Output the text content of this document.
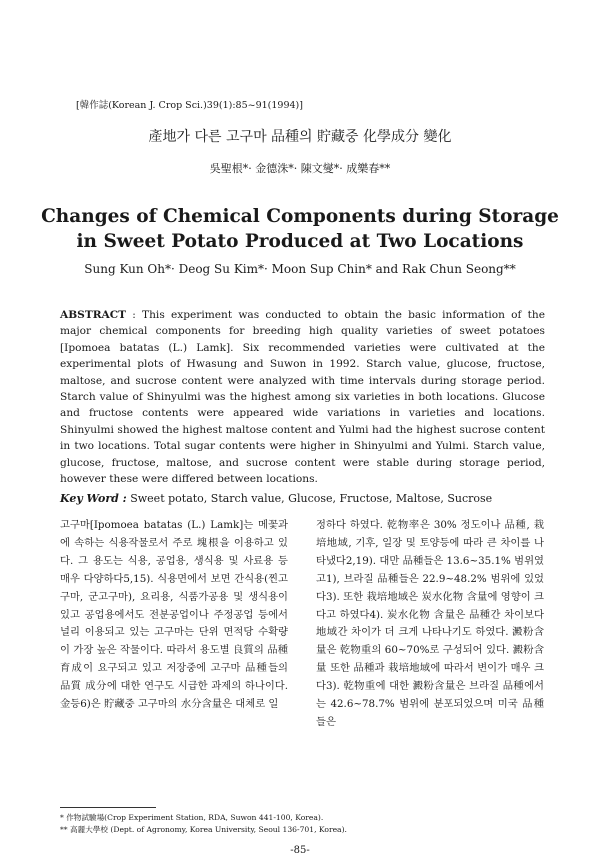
[韓作誌(Korean J. Crop Sci.)39(1):85~91(1994)]
產地가 다른 고구마 品種의 貯藏중 化學成分 變化
吳聖根*· 金德洙*· 陳文燮*· 成樂春**
Changes of Chemical Components during Storage in Sweet Potato Produced at Two Locations
Sung Kun Oh*· Deog Su Kim*· Moon Sup Chin* and Rak Chun Seong**
ABSTRACT : This experiment was conducted to obtain the basic information of the major chemical components for breeding high quality varieties of sweet potatoes [Ipomoea batatas (L.) Lamk]. Six recommended varieties were cultivated at the experimental plots of Hwasung and Suwon in 1992. Starch value, glucose, fructose, maltose, and sucrose content were analyzed with time intervals during storage period. Starch value of Shinyulmi was the highest among six varieties in both locations. Glucose and fructose contents were appeared wide variations in varieties and locations. Shinyulmi showed the highest maltose content and Yulmi had the highest sucrose content in two locations. Total sugar contents were higher in Shinyulmi and Yulmi. Starch value, glucose, fructose, maltose, and sucrose content were stable during storage period, however these were differed between locations.
Key Word : Sweet potato, Starch value, Glucose, Fructose, Maltose, Sucrose

고구마[Ipomoea batatas (L.) Lamk]는 메꽃과에 속하는 식용작물로서 주로 塊根을 이용하고 있다. 그 용도는 식용, 공업용, 생식용 및 사료용 등 매우 다양하다5,15). 식용면에서 보면 간식용(찐고구마, 군고구마), 요리용, 식품가공용 및 생식용이 있고 공업용에서도 전분공업이나 주정공업 등에서 널리 이용되고 있는 고구마는 단위 면적당 수확량이 가장 높은 작물이다. 따라서 용도별 良質의 品種 育成이 요구되고 있고 저장중에 고구마 品種들의 品質 成分에 대한 연구도 시급한 과제의 하나이다. 金등6)은 貯藏중 고구마의 水分含量은 대체로 일

정하다 하였다. 乾物率은 30% 정도이나 品種, 栽培地域, 기후, 일장 및 토양등에 따라 큰 차이를 나타냈다2,19). 대만 品種들은 13.6~35.1% 범위였고1), 브라질 品種들은 22.9~48.2% 범위에 있었다3). 또한 栽培地域은 炭水化物 含量에 영향이 크다고 하였다4). 炭水化物 含量은 品種간 차이보다 地域간 차이가 더 크게 나타나기도 하였다. 澱粉含量은 乾物重의 60~70%로 구성되어 있다. 澱粉含量 또한 品種과 栽培地域에 따라서 변이가 매우 크다3). 乾物重에 대한 澱粉含量은 브라질 品種에서는 42.6~78.7% 범위에 분포되었으며 미국 品種들은

* 作物試驗場(Crop Experiment Station, RDA, Suwon 441-100, Korea).
** 高麗大學校 (Dept. of Agronomy, Korea University, Seoul 136-701, Korea).
-85-
